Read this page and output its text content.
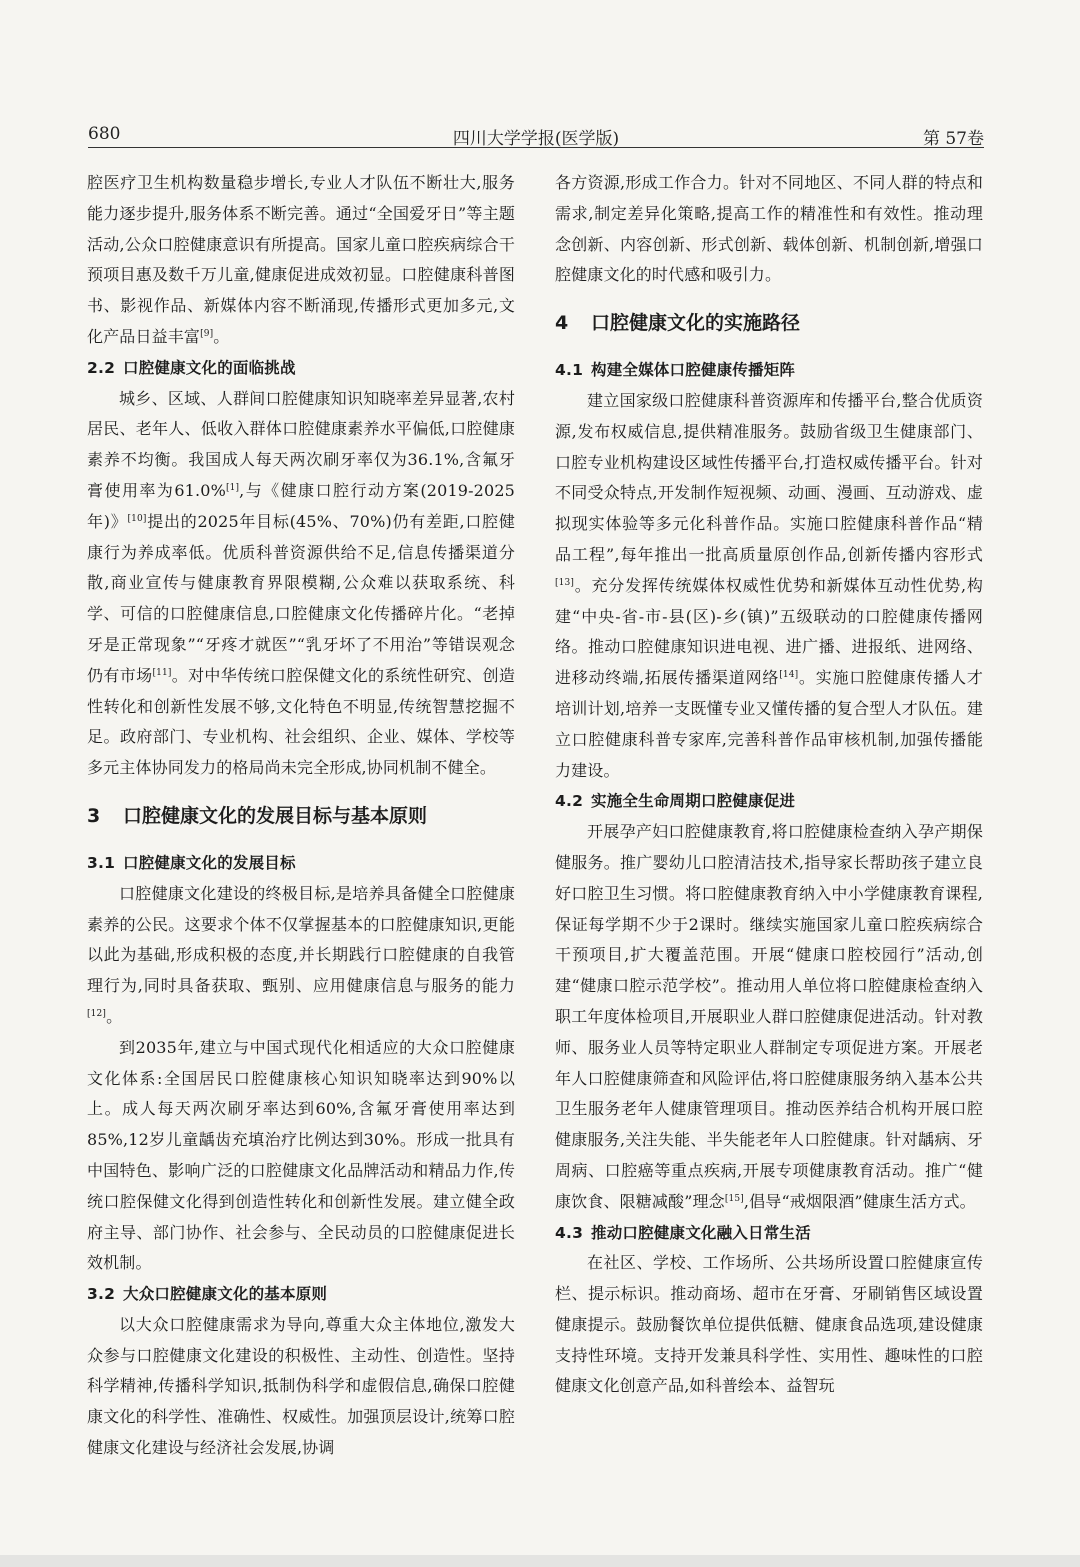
680	四川大学学报(医学版)	第 57卷

腔医疗卫生机构数量稳步增长,专业人才队伍不断壮大,服务能力逐步提升,服务体系不断完善。通过“全国爱牙日”等主题活动,公众口腔健康意识有所提高。国家儿童口腔疾病综合干预项目惠及数千万儿童,健康促进成效初显。口腔健康科普图书、影视作品、新媒体内容不断涌现,传播形式更加多元,文化产品日益丰富[9]。

2.2 口腔健康文化的面临挑战

城乡、区域、人群间口腔健康知识知晓率差异显著,农村居民、老年人、低收入群体口腔健康素养水平偏低,口腔健康素养不均衡。我国成人每天两次刷牙率仅为36.1%,含氟牙膏使用率为61.0%[1],与《健康口腔行动方案(2019-2025年)》[10]提出的2025年目标(45%、70%)仍有差距,口腔健康行为养成率低。优质科普资源供给不足,信息传播渠道分散,商业宣传与健康教育界限模糊,公众难以获取系统、科学、可信的口腔健康信息,口腔健康文化传播碎片化。“老掉牙是正常现象”“牙疼才就医”“乳牙坏了不用治”等错误观念仍有市场[11]。对中华传统口腔保健文化的系统性研究、创造性转化和创新性发展不够,文化特色不明显,传统智慧挖掘不足。政府部门、专业机构、社会组织、企业、媒体、学校等多元主体协同发力的格局尚未完全形成,协同机制不健全。

3 口腔健康文化的发展目标与基本原则
3.1 口腔健康文化的发展目标

口腔健康文化建设的终极目标,是培养具备健全口腔健康素养的公民。这要求个体不仅掌握基本的口腔健康知识,更能以此为基础,形成积极的态度,并长期践行口腔健康的自我管理行为,同时具备获取、甄别、应用健康信息与服务的能力[12]。

到2035年,建立与中国式现代化相适应的大众口腔健康文化体系:全国居民口腔健康核心知识知晓率达到90%以上。成人每天两次刷牙率达到60%,含氟牙膏使用率达到85%,12岁儿童龋齿充填治疗比例达到30%。形成一批具有中国特色、影响广泛的口腔健康文化品牌活动和精品力作,传统口腔保健文化得到创造性转化和创新性发展。建立健全政府主导、部门协作、社会参与、全民动员的口腔健康促进长效机制。

3.2 大众口腔健康文化的基本原则

以大众口腔健康需求为导向,尊重大众主体地位,激发大众参与口腔健康文化建设的积极性、主动性、创造性。坚持科学精神,传播科学知识,抵制伪科学和虚假信息,确保口腔健康文化的科学性、准确性、权威性。加强顶层设计,统筹口腔健康文化建设与经济社会发展,协调

各方资源,形成工作合力。针对不同地区、不同人群的特点和需求,制定差异化策略,提高工作的精准性和有效性。推动理念创新、内容创新、形式创新、载体创新、机制创新,增强口腔健康文化的时代感和吸引力。

4 口腔健康文化的实施路径
4.1 构建全媒体口腔健康传播矩阵

建立国家级口腔健康科普资源库和传播平台,整合优质资源,发布权威信息,提供精准服务。鼓励省级卫生健康部门、口腔专业机构建设区域性传播平台,打造权威传播平台。针对不同受众特点,开发制作短视频、动画、漫画、互动游戏、虚拟现实体验等多元化科普作品。实施口腔健康科普作品“精品工程”,每年推出一批高质量原创作品,创新传播内容形式[13]。充分发挥传统媒体权威性优势和新媒体互动性优势,构建“中央-省-市-县(区)-乡(镇)”五级联动的口腔健康传播网络。推动口腔健康知识进电视、进广播、进报纸、进网络、进移动终端,拓展传播渠道网络[14]。实施口腔健康传播人才培训计划,培养一支既懂专业又懂传播的复合型人才队伍。建立口腔健康科普专家库,完善科普作品审核机制,加强传播能力建设。

4.2 实施全生命周期口腔健康促进

开展孕产妇口腔健康教育,将口腔健康检查纳入孕产期保健服务。推广婴幼儿口腔清洁技术,指导家长帮助孩子建立良好口腔卫生习惯。将口腔健康教育纳入中小学健康教育课程,保证每学期不少于2课时。继续实施国家儿童口腔疾病综合干预项目,扩大覆盖范围。开展“健康口腔校园行”活动,创建“健康口腔示范学校”。推动用人单位将口腔健康检查纳入职工年度体检项目,开展职业人群口腔健康促进活动。针对教师、服务业人员等特定职业人群制定专项促进方案。开展老年人口腔健康筛查和风险评估,将口腔健康服务纳入基本公共卫生服务老年人健康管理项目。推动医养结合机构开展口腔健康服务,关注失能、半失能老年人口腔健康。针对龋病、牙周病、口腔癌等重点疾病,开展专项健康教育活动。推广“健康饮食、限糖减酸”理念[15],倡导“戒烟限酒”健康生活方式。

4.3 推动口腔健康文化融入日常生活

在社区、学校、工作场所、公共场所设置口腔健康宣传栏、提示标识。推动商场、超市在牙膏、牙刷销售区域设置健康提示。鼓励餐饮单位提供低糖、健康食品选项,建设健康支持性环境。支持开发兼具科学性、实用性、趣味性的口腔健康文化创意产品,如科普绘本、益智玩
